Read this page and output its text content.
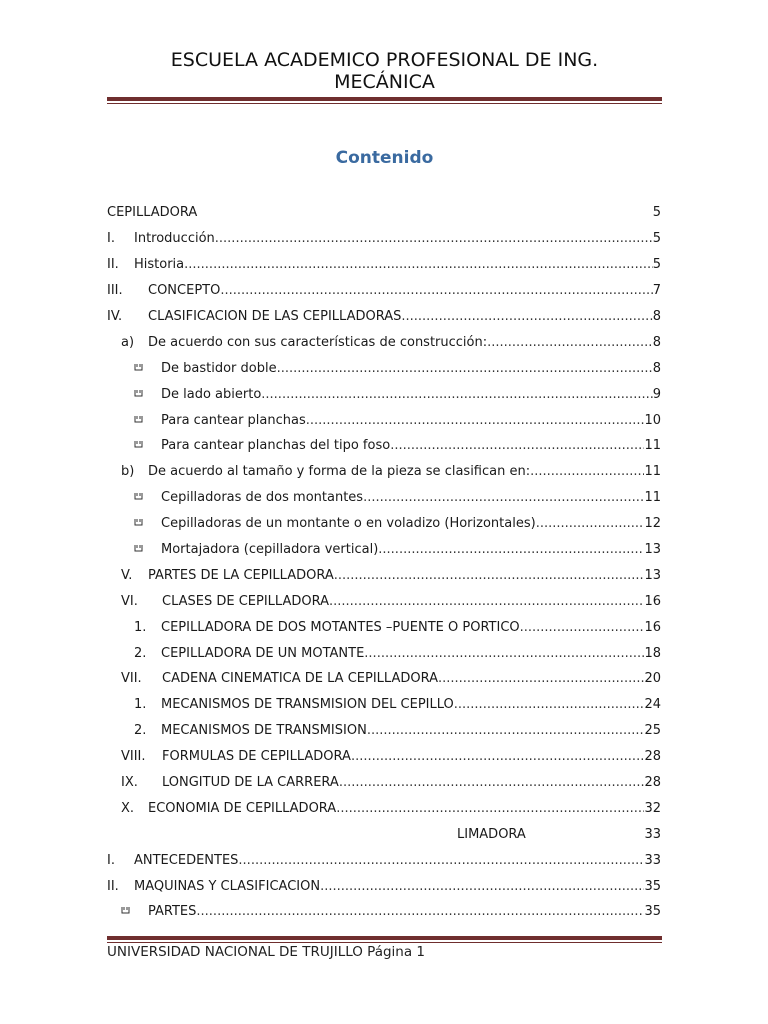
ESCUELA ACADEMICO PROFESIONAL DE ING.
MECÁNICA
Contenido
CEPILLADORA	5
I.	Introducción .....	5
II.	Historia .....	5
III.	CONCEPTO .....	7
IV.	CLASIFICACION DE LAS CEPILLADORAS .....	8
a)	De acuerdo con sus características de construcción: .....	8
De bastidor doble .....	8
De lado abierto .....	9
Para cantear planchas .....	10
Para cantear planchas del tipo foso .....	11
b)	De acuerdo al tamaño y forma de la pieza se clasifican en: .....	11
Cepilladoras de dos montantes .....	11
Cepilladoras de un montante o en voladizo (Horizontales) .....	12
Mortajadora (cepilladora vertical) .....	13
V.	PARTES DE LA CEPILLADORA .....	13
VI.	CLASES DE CEPILLADORA .....	16
1.	CEPILLADORA DE DOS MOTANTES –PUENTE O PORTICO .....	16
2.	CEPILLADORA DE UN MOTANTE .....	18
VII.	CADENA CINEMATICA DE LA CEPILLADORA .....	20
1.	MECANISMOS DE TRANSMISION DEL CEPILLO .....	24
2.	MECANISMOS DE TRANSMISION .....	25
VIII.	FORMULAS DE CEPILLADORA .....	28
IX.	LONGITUD DE LA CARRERA .....	28
X.	ECONOMIA DE CEPILLADORA .....	32
LIMADORA	33
I.	ANTECEDENTES .....	33
II.	MAQUINAS Y CLASIFICACION .....	35
PARTES .....	35
UNIVERSIDAD NACIONAL DE TRUJILLO Página 1
